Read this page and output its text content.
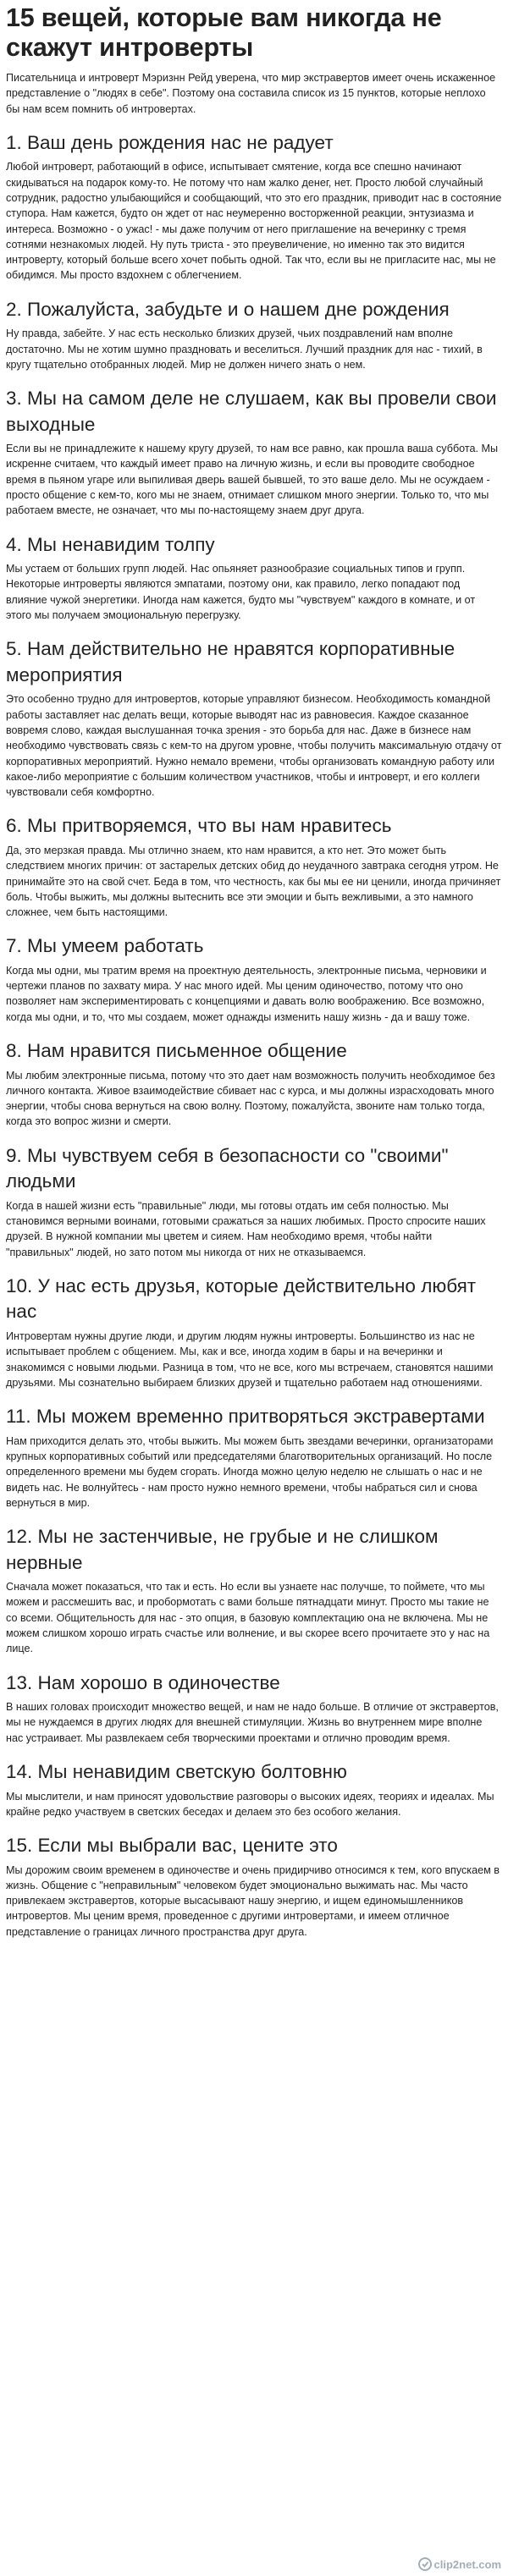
15 вещей, которые вам никогда не скажут интроверты

Писательница и интроверт Мэризнн Рейд уверена, что мир экстравертов имеет очень искаженное представление о "людях в себе". Поэтому она составила список из 15 пунктов, которые неплохо бы нам всем помнить об интровертах.

1. Ваш день рождения нас не радует

Любой интроверт, работающий в офисе, испытывает смятение, когда все спешно начинают скидываться на подарок кому-то. Не потому что нам жалко денег, нет. Просто любой случайный сотрудник, радостно улыбающийся и сообщающий, что это его праздник, приводит нас в состояние ступора. Нам кажется, будто он ждет от нас неумеренно восторженной реакции, энтузиазма и интереса. Возможно - о ужас! - мы даже получим от него приглашение на вечеринку с тремя сотнями незнакомых людей. Ну путь триста - это преувеличение, но именно так это видится интроверту, который больше всего хочет побыть одной. Так что, если вы не пригласите нас, мы не обидимся. Мы просто вздохнем с облегчением.

2. Пожалуйста, забудьте и о нашем дне рождения

Ну правда, забейте. У нас есть несколько близких друзей, чьих поздравлений нам вполне достаточно. Мы не хотим шумно праздновать и веселиться. Лучший праздник для нас - тихий, в кругу тщательно отобранных людей. Мир не должен ничего знать о нем.

3. Мы на самом деле не слушаем, как вы провели свои выходные

Если вы не принадлежите к нашему кругу друзей, то нам все равно, как прошла ваша суббота. Мы искренне считаем, что каждый имеет право на личную жизнь, и если вы проводите свободное время в пьяном угаре или выпиливая дверь вашей бывшей, то это ваше дело. Мы не осуждаем - просто общение с кем-то, кого мы не знаем, отнимает слишком много энергии. Только то, что мы работаем вместе, не означает, что мы по-настоящему знаем друг друга.

4. Мы ненавидим толпу

Мы устаем от больших групп людей. Нас опьяняет разнообразие социальных типов и групп. Некоторые интроверты являются эмпатами, поэтому они, как правило, легко попадают под влияние чужой энергетики. Иногда нам кажется, будто мы "чувствуем" каждого в комнате, и от этого мы получаем эмоциональную перегрузку.

5. Нам действительно не нравятся корпоративные мероприятия

Это особенно трудно для интровертов, которые управляют бизнесом. Необходимость командной работы заставляет нас делать вещи, которые выводят нас из равновесия. Каждое сказанное вовремя слово, каждая выслушанная точка зрения - это борьба для нас. Даже в бизнесе нам необходимо чувствовать связь с кем-то на другом уровне, чтобы получить максимальную отдачу от корпоративных мероприятий. Нужно немало времени, чтобы организовать командную работу или какое-либо мероприятие с большим количеством участников, чтобы и интроверт, и его коллеги чувствовали себя комфортно.

6. Мы притворяемся, что вы нам нравитесь

Да, это мерзкая правда. Мы отлично знаем, кто нам нравится, а кто нет. Это может быть следствием многих причин: от застарелых детских обид до неудачного завтрака сегодня утром. Не принимайте это на свой счет. Беда в том, что честность, как бы мы ее ни ценили, иногда причиняет боль. Чтобы выжить, мы должны вытеснить все эти эмоции и быть вежливыми, а это намного сложнее, чем быть настоящими.

7. Мы умеем работать

Когда мы одни, мы тратим время на проектную деятельность, электронные письма, черновики и чертежи планов по захвату мира. У нас много идей. Мы ценим одиночество, потому что оно позволяет нам экспериментировать с концепциями и давать волю воображению. Все возможно, когда мы одни, и то, что мы создаем, может однажды изменить нашу жизнь - да и вашу тоже.

8. Нам нравится письменное общение

Мы любим электронные письма, потому что это дает нам возможность получить необходимое без личного контакта. Живое взаимодействие сбивает нас с курса, и мы должны израсходовать много энергии, чтобы снова вернуться на свою волну. Поэтому, пожалуйста, звоните нам только тогда, когда это вопрос жизни и смерти.

9. Мы чувствуем себя в безопасности со "своими" людьми

Когда в нашей жизни есть "правильные" люди, мы готовы отдать им себя полностью. Мы становимся верными воинами, готовыми сражаться за наших любимых. Просто спросите наших друзей. В нужной компании мы цветем и сияем. Нам необходимо время, чтобы найти "правильных" людей, но зато потом мы никогда от них не отказываемся.

10. У нас есть друзья, которые действительно любят нас

Интровертам нужны другие люди, и другим людям нужны интроверты. Большинство из нас не испытывает проблем с общением. Мы, как и все, иногда ходим в бары и на вечеринки и знакомимся с новыми людьми. Разница в том, что не все, кого мы встречаем, становятся нашими друзьями. Мы сознательно выбираем близких друзей и тщательно работаем над отношениями.

11. Мы можем временно притворяться экстравертами

Нам приходится делать это, чтобы выжить. Мы можем быть звездами вечеринки, организаторами крупных корпоративных событий или председателями благотворительных организаций. Но после определенного времени мы будем сгорать. Иногда можно целую неделю не слышать о нас и не видеть нас. Не волнуйтесь - нам просто нужно немного времени, чтобы набраться сил и снова вернуться в мир.

12. Мы не застенчивые, не грубые и не слишком нервные

Сначала может показаться, что так и есть. Но если вы узнаете нас получше, то поймете, что мы можем и рассмешить вас, и пробормотать с вами больше пятнадцати минут. Просто мы такие не со всеми. Общительность для нас - это опция, в базовую комплектацию она не включена. Мы не можем слишком хорошо играть счастье или волнение, и вы скорее всего прочитаете это у нас на лице.

13. Нам хорошо в одиночестве

В наших головах происходит множество вещей, и нам не надо больше. В отличие от экстравертов, мы не нуждаемся в других людях для внешней стимуляции. Жизнь во внутреннем мире вполне нас устраивает. Мы развлекаем себя творческими проектами и отлично проводим время.

14. Мы ненавидим светскую болтовню

Мы мыслители, и нам приносят удовольствие разговоры о высоких идеях, теориях и идеалах. Мы крайне редко участвуем в светских беседах и делаем это без особого желания.

15. Если мы выбрали вас, цените это

Мы дорожим своим временем в одиночестве и очень придирчиво относимся к тем, кого впускаем в жизнь. Общение с "неправильным" человеком будет эмоционально выжимать нас. Мы часто привлекаем экстравертов, которые высасывают нашу энергию, и ищем единомышленников интровертов. Мы ценим время, проведенное с другими интровертами, и имеем отличное представление о границах личного пространства друг друга.

clip2net.com
